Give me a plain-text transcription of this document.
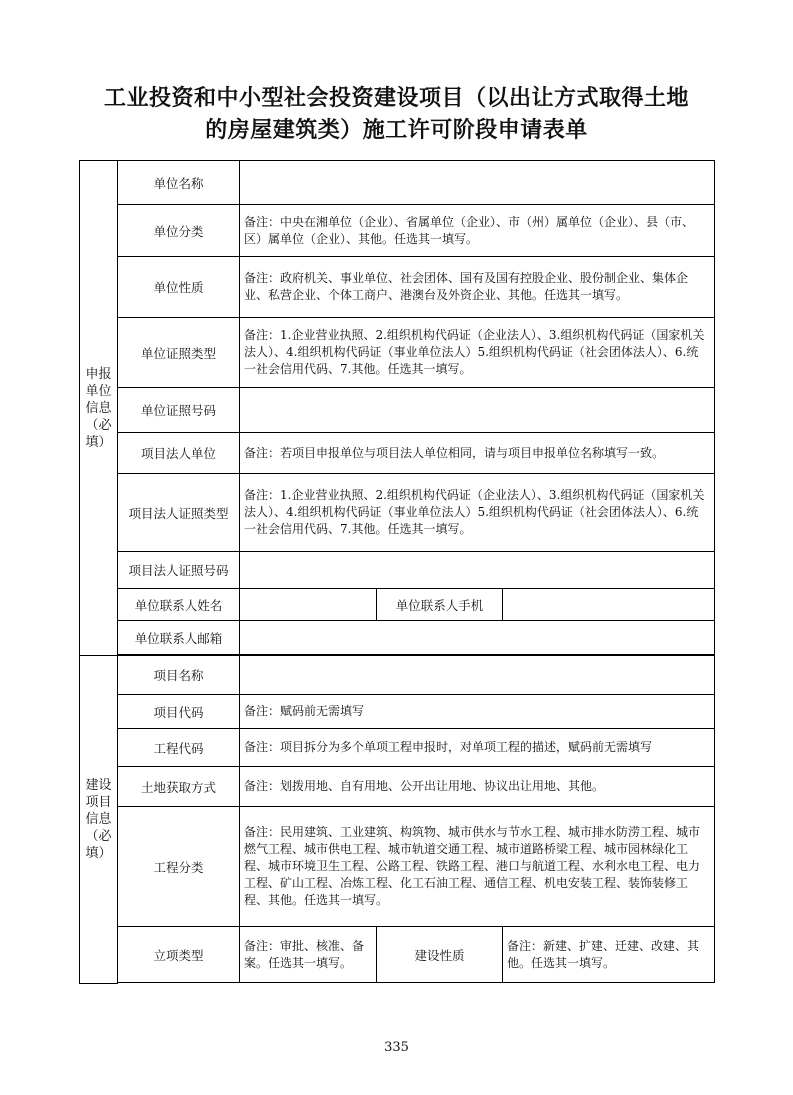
工业投资和中小型社会投资建设项目（以出让方式取得土地
的房屋建筑类）施工许可阶段申请表单
申报单位信息（必填）	单位名称			
	单位分类	备注：中央在湘单位（企业）、省属单位（企业）、市（州）属单位（企业）、县（市、区）属单位（企业）、其他。任选其一填写。		
	单位性质	备注：政府机关、事业单位、社会团体、国有及国有控股企业、股份制企业、集体企业、私营企业、个体工商户、港澳台及外资企业、其他。任选其一填写。		
	单位证照类型	备注：1.企业营业执照、2.组织机构代码证（企业法人）、3.组织机构代码证（国家机关法人）、4.组织机构代码证（事业单位法人）5.组织机构代码证（社会团体法人）、6.统一社会信用代码、7.其他。任选其一填写。		
	单位证照号码			
	项目法人单位	备注：若项目申报单位与项目法人单位相同，请与项目申报单位名称填写一致。		
	项目法人证照类型	备注：1.企业营业执照、2.组织机构代码证（企业法人）、3.组织机构代码证（国家机关法人）、4.组织机构代码证（事业单位法人）5.组织机构代码证（社会团体法人）、6.统一社会信用代码、7.其他。任选其一填写。		
	项目法人证照号码			
	单位联系人姓名		单位联系人手机	
	单位联系人邮箱			

建设项目信息（必填）	项目名称			
	项目代码	备注：赋码前无需填写		
	工程代码	备注：项目拆分为多个单项工程申报时，对单项工程的描述，赋码前无需填写		
	土地获取方式	备注：划拨用地、自有用地、公开出让用地、协议出让用地、其他。		
	工程分类	备注：民用建筑、工业建筑、构筑物、城市供水与节水工程、城市排水防涝工程、城市燃气工程、城市供电工程、城市轨道交通工程、城市道路桥梁工程、城市园林绿化工程、城市环境卫生工程、公路工程、铁路工程、港口与航道工程、水利水电工程、电力工程、矿山工程、冶炼工程、化工石油工程、通信工程、机电安装工程、装饰装修工程、其他。任选其一填写。		
	立项类型	备注：审批、核准、备案。任选其一填写。	建设性质	备注：新建、扩建、迁建、改建、其他。任选其一填写。

335
